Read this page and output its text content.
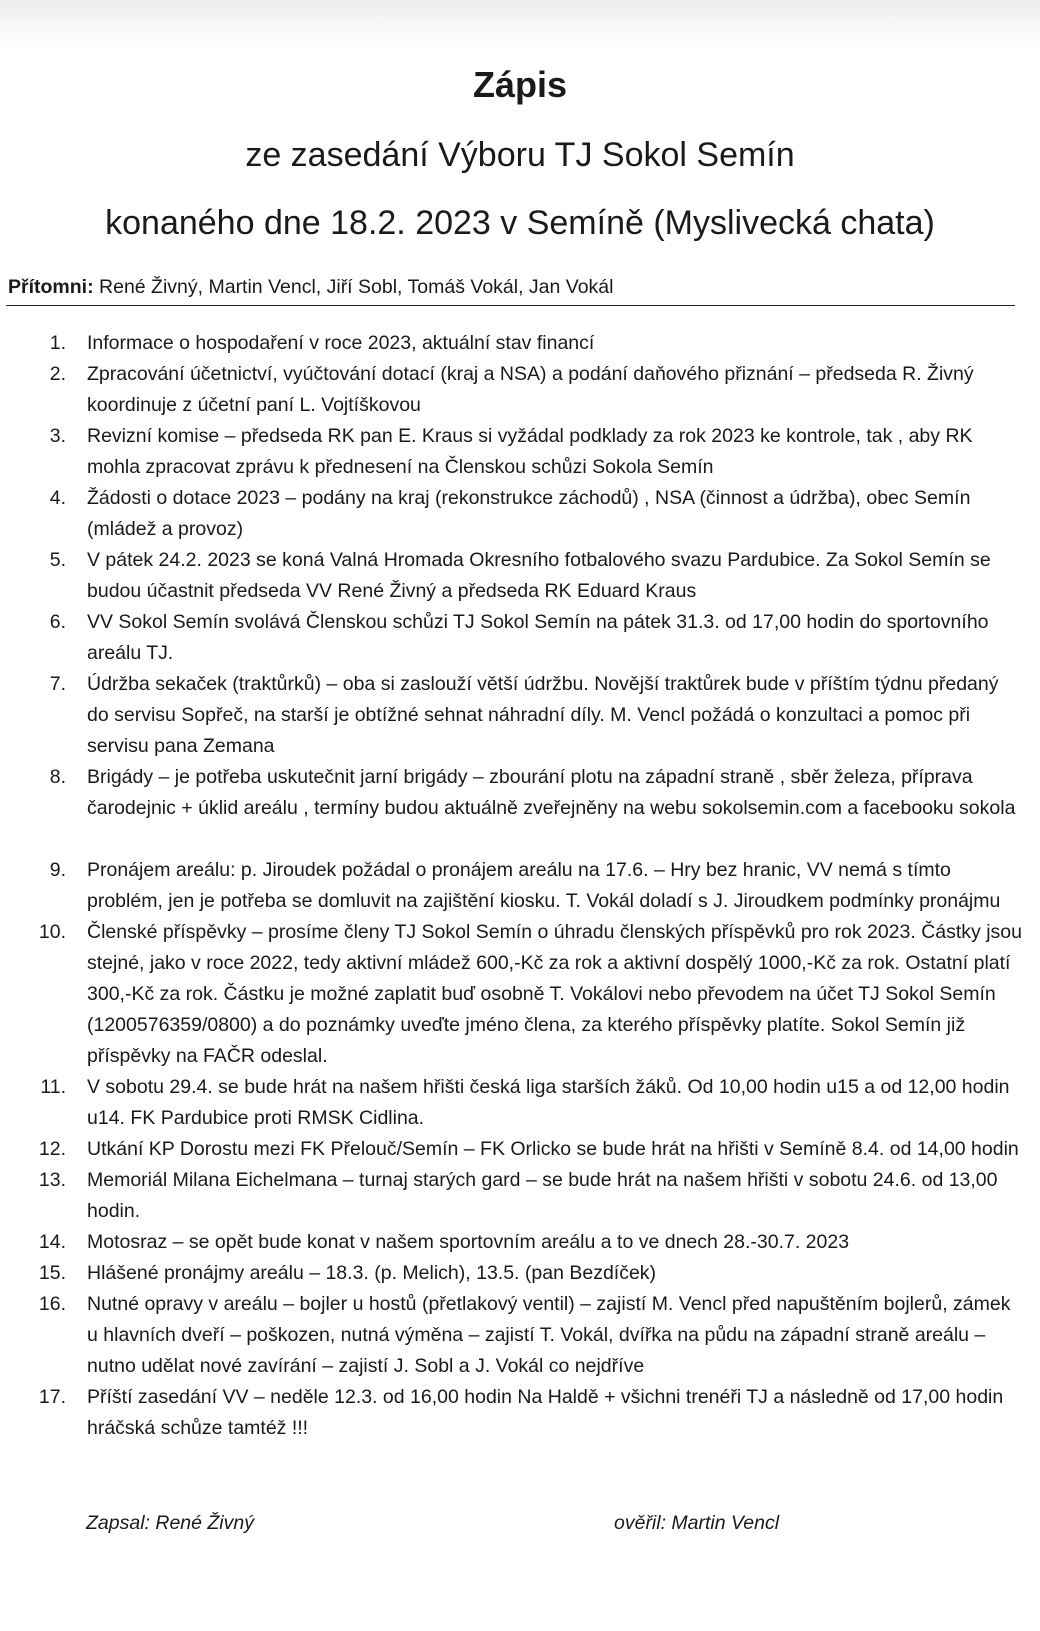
Zápis
ze zasedání Výboru TJ Sokol Semín
konaného dne 18.2. 2023 v Semíně (Myslivecká chata)
Přítomni: René Živný, Martin Vencl, Jiří Sobl, Tomáš Vokál, Jan Vokál
1. Informace o hospodaření v roce 2023, aktuální stav financí
2. Zpracování účetnictví, vyúčtování dotací (kraj a NSA) a podání daňového přiznání – předseda R. Živný koordinuje z účetní paní L. Vojtíškovou
3. Revizní komise – předseda RK pan E. Kraus si vyžádal podklady za rok 2023 ke kontrole, tak , aby RK mohla zpracovat zprávu k přednesení na Členskou schůzi Sokola Semín
4. Žádosti o dotace 2023 – podány na kraj (rekonstrukce záchodů) , NSA (činnost a údržba), obec Semín (mládež a provoz)
5. V pátek 24.2. 2023 se koná Valná Hromada Okresního fotbalového svazu Pardubice. Za Sokol Semín se budou účastnit předseda VV René Živný a předseda RK Eduard Kraus
6. VV Sokol Semín svolává Členskou schůzi TJ Sokol Semín na pátek 31.3. od 17,00 hodin do sportovního areálu TJ.
7. Údržba sekaček (traktůrků) – oba si zaslouží větší údržbu. Novější traktůrek bude v příštím týdnu předaný do servisu Sopřeč, na starší je obtížné sehnat náhradní díly. M. Vencl požádá o konzultaci a pomoc při servisu pana Zemana
8. Brigády – je potřeba uskutečnit jarní brigády – zbourání plotu na západní straně , sběr železa, příprava čarodejnic + úklid areálu , termíny budou aktuálně zveřejněny na webu sokolsemin.com a facebooku sokola
9. Pronájem areálu: p. Jiroudek požádal o pronájem areálu na 17.6. – Hry bez hranic, VV nemá s tímto problém, jen je potřeba se domluvit na zajištění kiosku. T. Vokál doladí s J. Jiroudkem podmínky pronájmu
10. Členské příspěvky – prosíme členy TJ Sokol Semín o úhradu členských příspěvků pro rok 2023. Částky jsou stejné, jako v roce 2022, tedy aktivní mládež 600,-Kč za rok a aktivní dospělý 1000,-Kč za rok. Ostatní platí 300,-Kč za rok. Částku je možné zaplatit buď osobně T. Vokálovi nebo převodem na účet TJ Sokol Semín (1200576359/0800) a do poznámky uveďte jméno člena, za kterého příspěvky platíte. Sokol Semín již příspěvky na FAČR odeslal.
11. V sobotu 29.4. se bude hrát na našem hřišti česká liga starších žáků. Od 10,00 hodin u15 a od 12,00 hodin u14. FK Pardubice proti RMSK Cidlina.
12. Utkání KP Dorostu mezi FK Přelouč/Semín – FK Orlicko se bude hrát na hřišti v Semíně 8.4. od 14,00 hodin
13. Memoriál Milana Eichelmana – turnaj starých gard – se bude hrát na našem hřišti v sobotu 24.6. od 13,00 hodin.
14. Motosraz – se opět bude konat v našem sportovním areálu a to ve dnech 28.-30.7. 2023
15. Hlášené pronájmy areálu – 18.3. (p. Melich), 13.5. (pan Bezdíček)
16. Nutné opravy v areálu – bojler u hostů (přetlakový ventil) – zajistí M. Vencl před napuštěním bojlerů, zámek u hlavních dveří – poškozen, nutná výměna – zajistí T. Vokál, dvířka na půdu na západní straně areálu – nutno udělat nové zavírání – zajistí J. Sobl a J. Vokál co nejdříve
17. Příští zasedání VV – neděle 12.3. od 16,00 hodin Na Haldě + všichni trenéři TJ a následně od 17,00 hodin hráčská schůze tamtéž !!!
Zapsal: René Živný	ověřil: Martin Vencl
